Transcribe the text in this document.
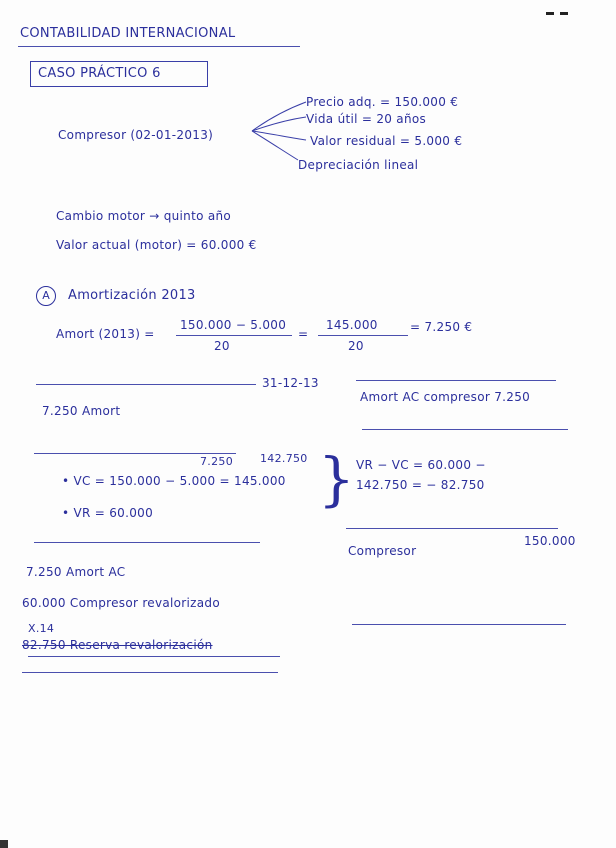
CONTABILIDAD INTERNACIONAL
CASO PRÁCTICO 6
Compresor (02-01-2013)
Precio adq. = 150.000 €
Vida útil = 20 años
Valor residual = 5.000 €
Depreciación lineal
Cambio motor → quinto año
Valor actual (motor) = 60.000 €
A	Amortización 2013
Amort (2013) =
150.000 − 5.000
20
=
145.000
20
= 7.250 €
31-12-13
7.250 Amort
Amort AC compresor 7.250
7.250 142.750
• VC = 150.000 − 5.000 = 145.000
• VR = 60.000	} VR − VC = 60.000 −
142.750 = − 82.750
7.250 Amort AC
60.000 Compresor revalorizado
X.14
82.750 Reserva revalorización
Compresor
150.000
